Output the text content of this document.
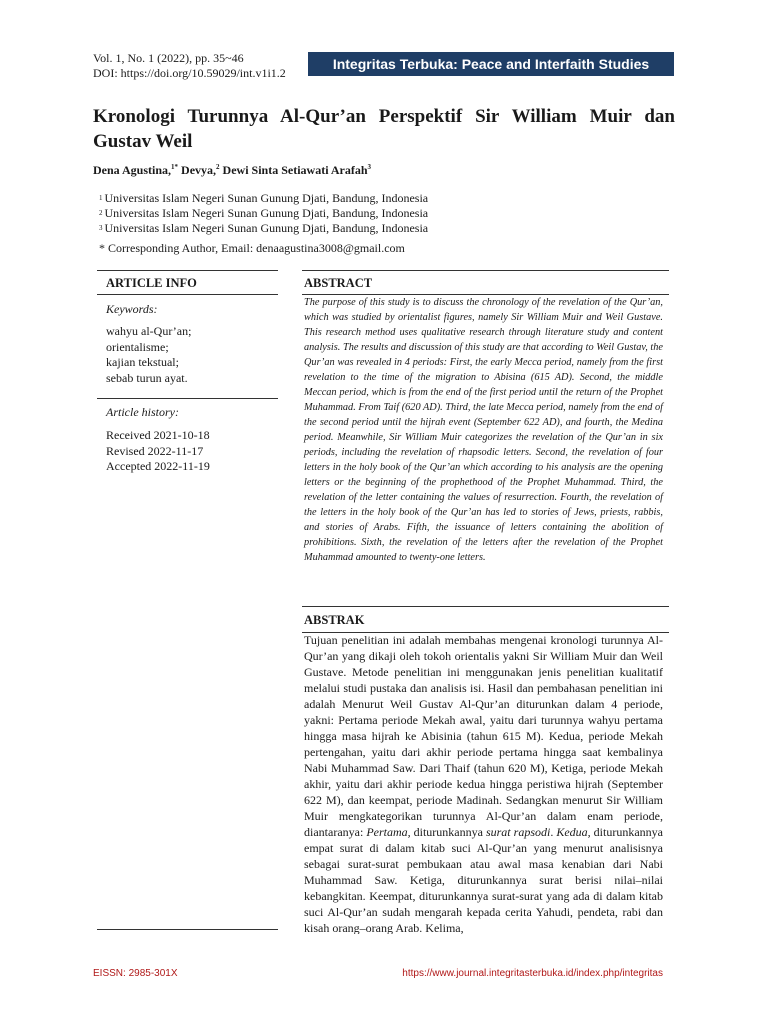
Vol. 1, No. 1 (2022), pp. 35~46
DOI: https://doi.org/10.59029/int.v1i1.2
Integritas Terbuka: Peace and Interfaith Studies
Kronologi Turunnya Al-Qur’an Perspektif Sir William Muir dan Gustav Weil
Dena Agustina,$^{1*}$ Devya,$^2$ Dewi Sinta Setiawati Arafah$^3$
$^1$ Universitas Islam Negeri Sunan Gunung Djati, Bandung, Indonesia
$^2$ Universitas Islam Negeri Sunan Gunung Djati, Bandung, Indonesia
$^3$ Universitas Islam Negeri Sunan Gunung Djati, Bandung, Indonesia
* Corresponding Author, Email: denaagustina3008@gmail.com
ARTICLE INFO
Keywords:
wahyu al-Qur’an;
orientalisme;
kajian tekstual;
sebab turun ayat.
Article history:
Received 2021-10-18
Revised 2022-11-17
Accepted 2022-11-19
ABSTRACT
The purpose of this study is to discuss the chronology of the revelation of the Qur’an, which was studied by orientalist figures, namely Sir William Muir and Weil Gustave. This research method uses qualitative research through literature study and content analysis. The results and discussion of this study are that according to Weil Gustav, the Qur’an was revealed in 4 periods: First, the early Mecca period, namely from the first revelation to the time of the migration to Abisina (615 AD). Second, the middle Meccan period, which is from the end of the first period until the return of the Prophet Muhammad. From Taif (620 AD). Third, the late Mecca period, namely from the end of the second period until the hijrah event (September 622 AD), and fourth, the Medina period. Meanwhile, Sir William Muir categorizes the revelation of the Qur’an in six periods, including the revelation of rhapsodic letters. Second, the revelation of four letters in the holy book of the Qur’an which according to his analysis are the opening letters or the beginning of the prophethood of the Prophet Muhammad. Third, the revelation of the letter containing the values of resurrection. Fourth, the revelation of the letters in the holy book of the Qur’an has led to stories of Jews, priests, rabbis, and stories of Arabs. Fifth, the issuance of letters containing the abolition of prohibitions. Sixth, the revelation of the letters after the revelation of the Prophet Muhammad amounted to twenty-one letters.
ABSTRAK
Tujuan penelitian ini adalah membahas mengenai kronologi turunnya Al-Qur’an yang dikaji oleh tokoh orientalis yakni Sir William Muir dan Weil Gustave. Metode penelitian ini menggunakan jenis penelitian kualitatif melalui studi pustaka dan analisis isi. Hasil dan pembahasan penelitian ini adalah Menurut Weil Gustav Al-Qur’an diturunkan dalam 4 periode, yakni: Pertama periode Mekah awal, yaitu dari turunnya wahyu pertama hingga masa hijrah ke Abisinia (tahun 615 M). Kedua, periode Mekah pertengahan, yaitu dari akhir periode pertama hingga saat kembalinya Nabi Muhammad Saw. Dari Thaif (tahun 620 M), Ketiga, periode Mekah akhir, yaitu dari akhir periode kedua hingga peristiwa hijrah (September 622 M), dan keempat, periode Madinah. Sedangkan menurut Sir William Muir mengkategorikan turunnya Al-Qur’an dalam enam periode, diantaranya: Pertama, diturunkannya surat rapsodi. Kedua, diturunkannya empat surat di dalam kitab suci Al-Qur’an yang menurut analisisnya sebagai surat-surat pembukaan atau awal masa kenabian dari Nabi Muhammad Saw. Ketiga, diturunkannya surat berisi nilai–nilai kebangkitan. Keempat, diturunkannya surat-surat yang ada di dalam kitab suci Al-Qur’an sudah mengarah kepada cerita Yahudi, pendeta, rabi dan kisah orang–orang Arab. Kelima,
EISSN: 2985-301X	https://www.journal.integritasterbuka.id/index.php/integritas
